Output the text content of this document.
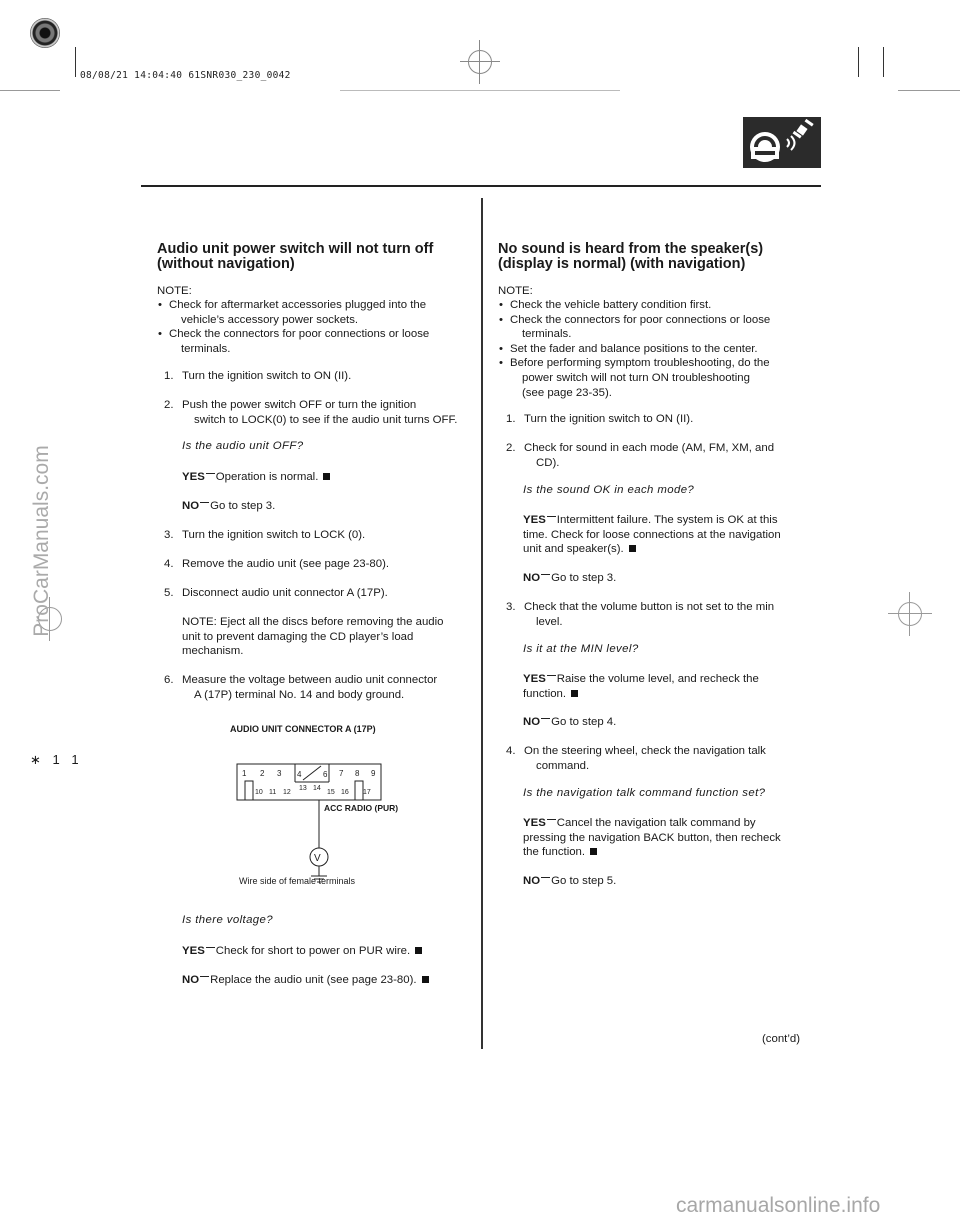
08/08/21 14:04:40 61SNR030_230_0042
ProCarManuals.com
∗ 1 1
Audio unit power switch will not turn off
(without navigation)
NOTE:
• Check for aftermarket accessories plugged into the
vehicle’s accessory power sockets.
• Check the connectors for poor connections or loose
terminals.
1. Turn the ignition switch to ON (II).
2. Push the power switch OFF or turn the ignition
switch to LOCK(0) to see if the audio unit turns OFF.
Is the audio unit OFF?
YES Operation is normal.
NO Go to step 3.
3. Turn the ignition switch to LOCK (0).
4. Remove the audio unit (see page 23-80).
5. Disconnect audio unit connector A (17P).
NOTE: Eject all the discs before removing the audio
unit to prevent damaging the CD player’s load
mechanism.
6. Measure the voltage between audio unit connector
A (17P) terminal No. 14 and body ground.
AUDIO UNIT CONNECTOR A (17P)
1 2 3 4	6 7 8 9
10 11 12
13 14
15 16 17
V
ACC RADIO (PUR)
Wire side of female terminals
Is there voltage?
YES Check for short to power on PUR wire.
NO Replace the audio unit (see page 23-80).
No sound is heard from the speaker(s)
(display is normal) (with navigation)
NOTE:
• Check the vehicle battery condition first.
• Check the connectors for poor connections or loose
terminals.
• Set the fader and balance positions to the center.
• Before performing symptom troubleshooting, do the
power switch will not turn ON troubleshooting
(see page 23-35).
1. Turn the ignition switch to ON (II).
2. Check for sound in each mode (AM, FM, XM, and
CD).
Is the sound OK in each mode?
YES Intermittent failure. The system is OK at this
time. Check for loose connections at the navigation
unit and speaker(s).
NO Go to step 3.
3. Check that the volume button is not set to the min
level.
Is it at the MIN level?
YES Raise the volume level, and recheck the
function.
NO Go to step 4.
4. On the steering wheel, check the navigation talk
command.
Is the navigation talk command function set?
YES Cancel the navigation talk command by
pressing the navigation BACK button, then recheck
the function.
NO Go to step 5.
(cont’d)
carmanualsonline.info
